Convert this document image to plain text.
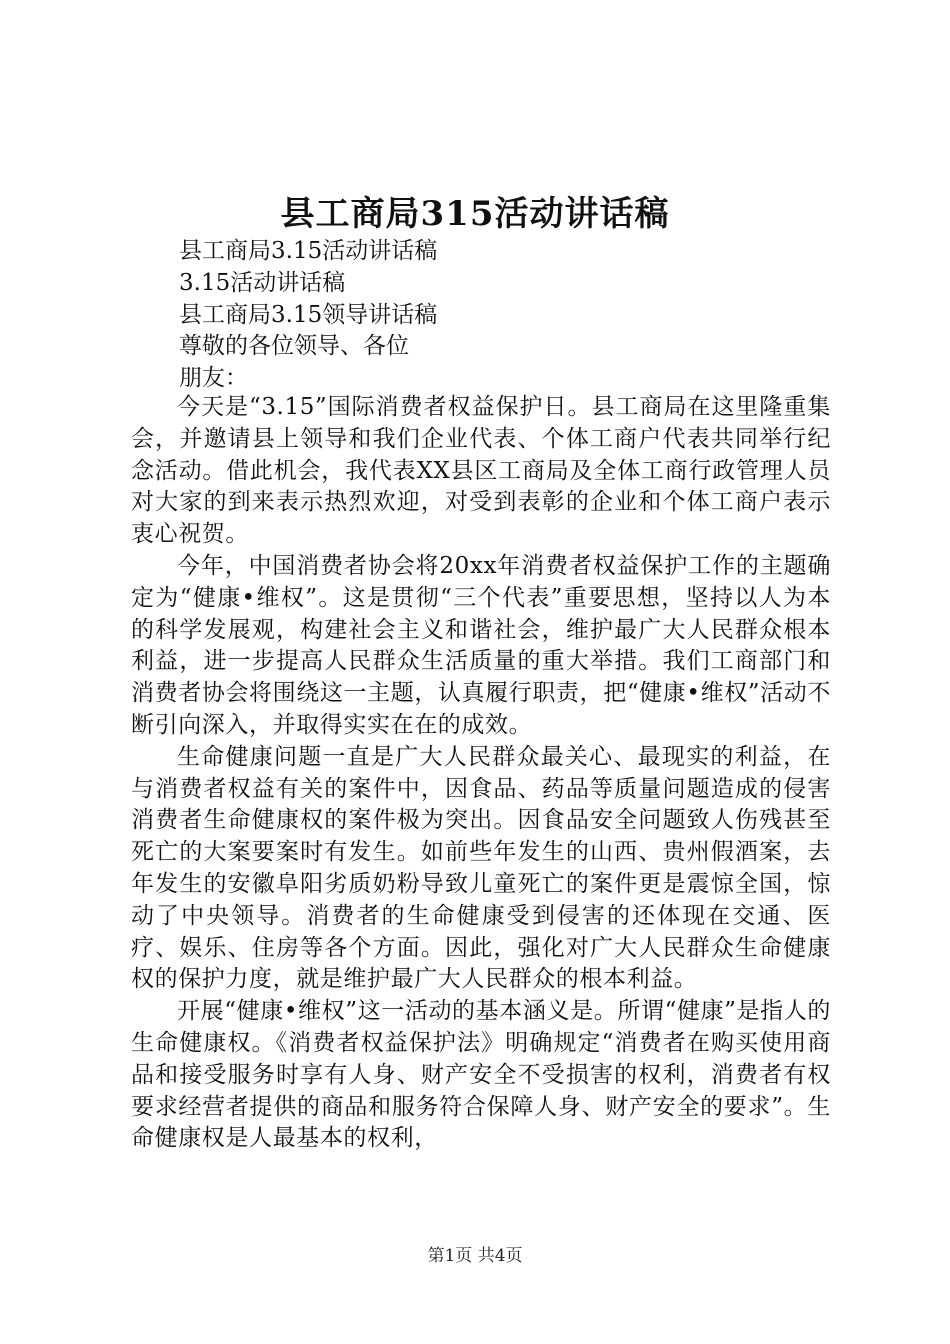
县工商局315活动讲话稿
县工商局3.15活动讲话稿
3.15活动讲话稿
县工商局3.15领导讲话稿
尊敬的各位领导、各位
朋友：

今天是“3.15”国际消费者权益保护日。县工商局在这里隆重集会，并邀请县上领导和我们企业代表、个体工商户代表共同举行纪念活动。借此机会，我代表XX县区工商局及全体工商行政管理人员对大家的到来表示热烈欢迎，对受到表彰的企业和个体工商户表示衷心祝贺。

今年，中国消费者协会将20xx年消费者权益保护工作的主题确定为“健康•维权”。这是贯彻“三个代表”重要思想，坚持以人为本的科学发展观，构建社会主义和谐社会，维护最广大人民群众根本利益，进一步提高人民群众生活质量的重大举措。我们工商部门和消费者协会将围绕这一主题，认真履行职责，把“健康•维权”活动不断引向深入，并取得实实在在的成效。

生命健康问题一直是广大人民群众最关心、最现实的利益，在与消费者权益有关的案件中，因食品、药品等质量问题造成的侵害消费者生命健康权的案件极为突出。因食品安全问题致人伤残甚至死亡的大案要案时有发生。如前些年发生的山西、贵州假酒案，去年发生的安徽阜阳劣质奶粉导致儿童死亡的案件更是震惊全国，惊动了中央领导。消费者的生命健康受到侵害的还体现在交通、医疗、娱乐、住房等各个方面。因此，强化对广大人民群众生命健康权的保护力度，就是维护最广大人民群众的根本利益。

开展“健康•维权”这一活动的基本涵义是。所谓“健康”是指人的生命健康权。《消费者权益保护法》明确规定“消费者在购买使用商品和接受服务时享有人身、财产安全不受损害的权利，消费者有权要求经营者提供的商品和服务符合保障人身、财产安全的要求”。生命健康权是人最基本的权利，

第1页 共4页
